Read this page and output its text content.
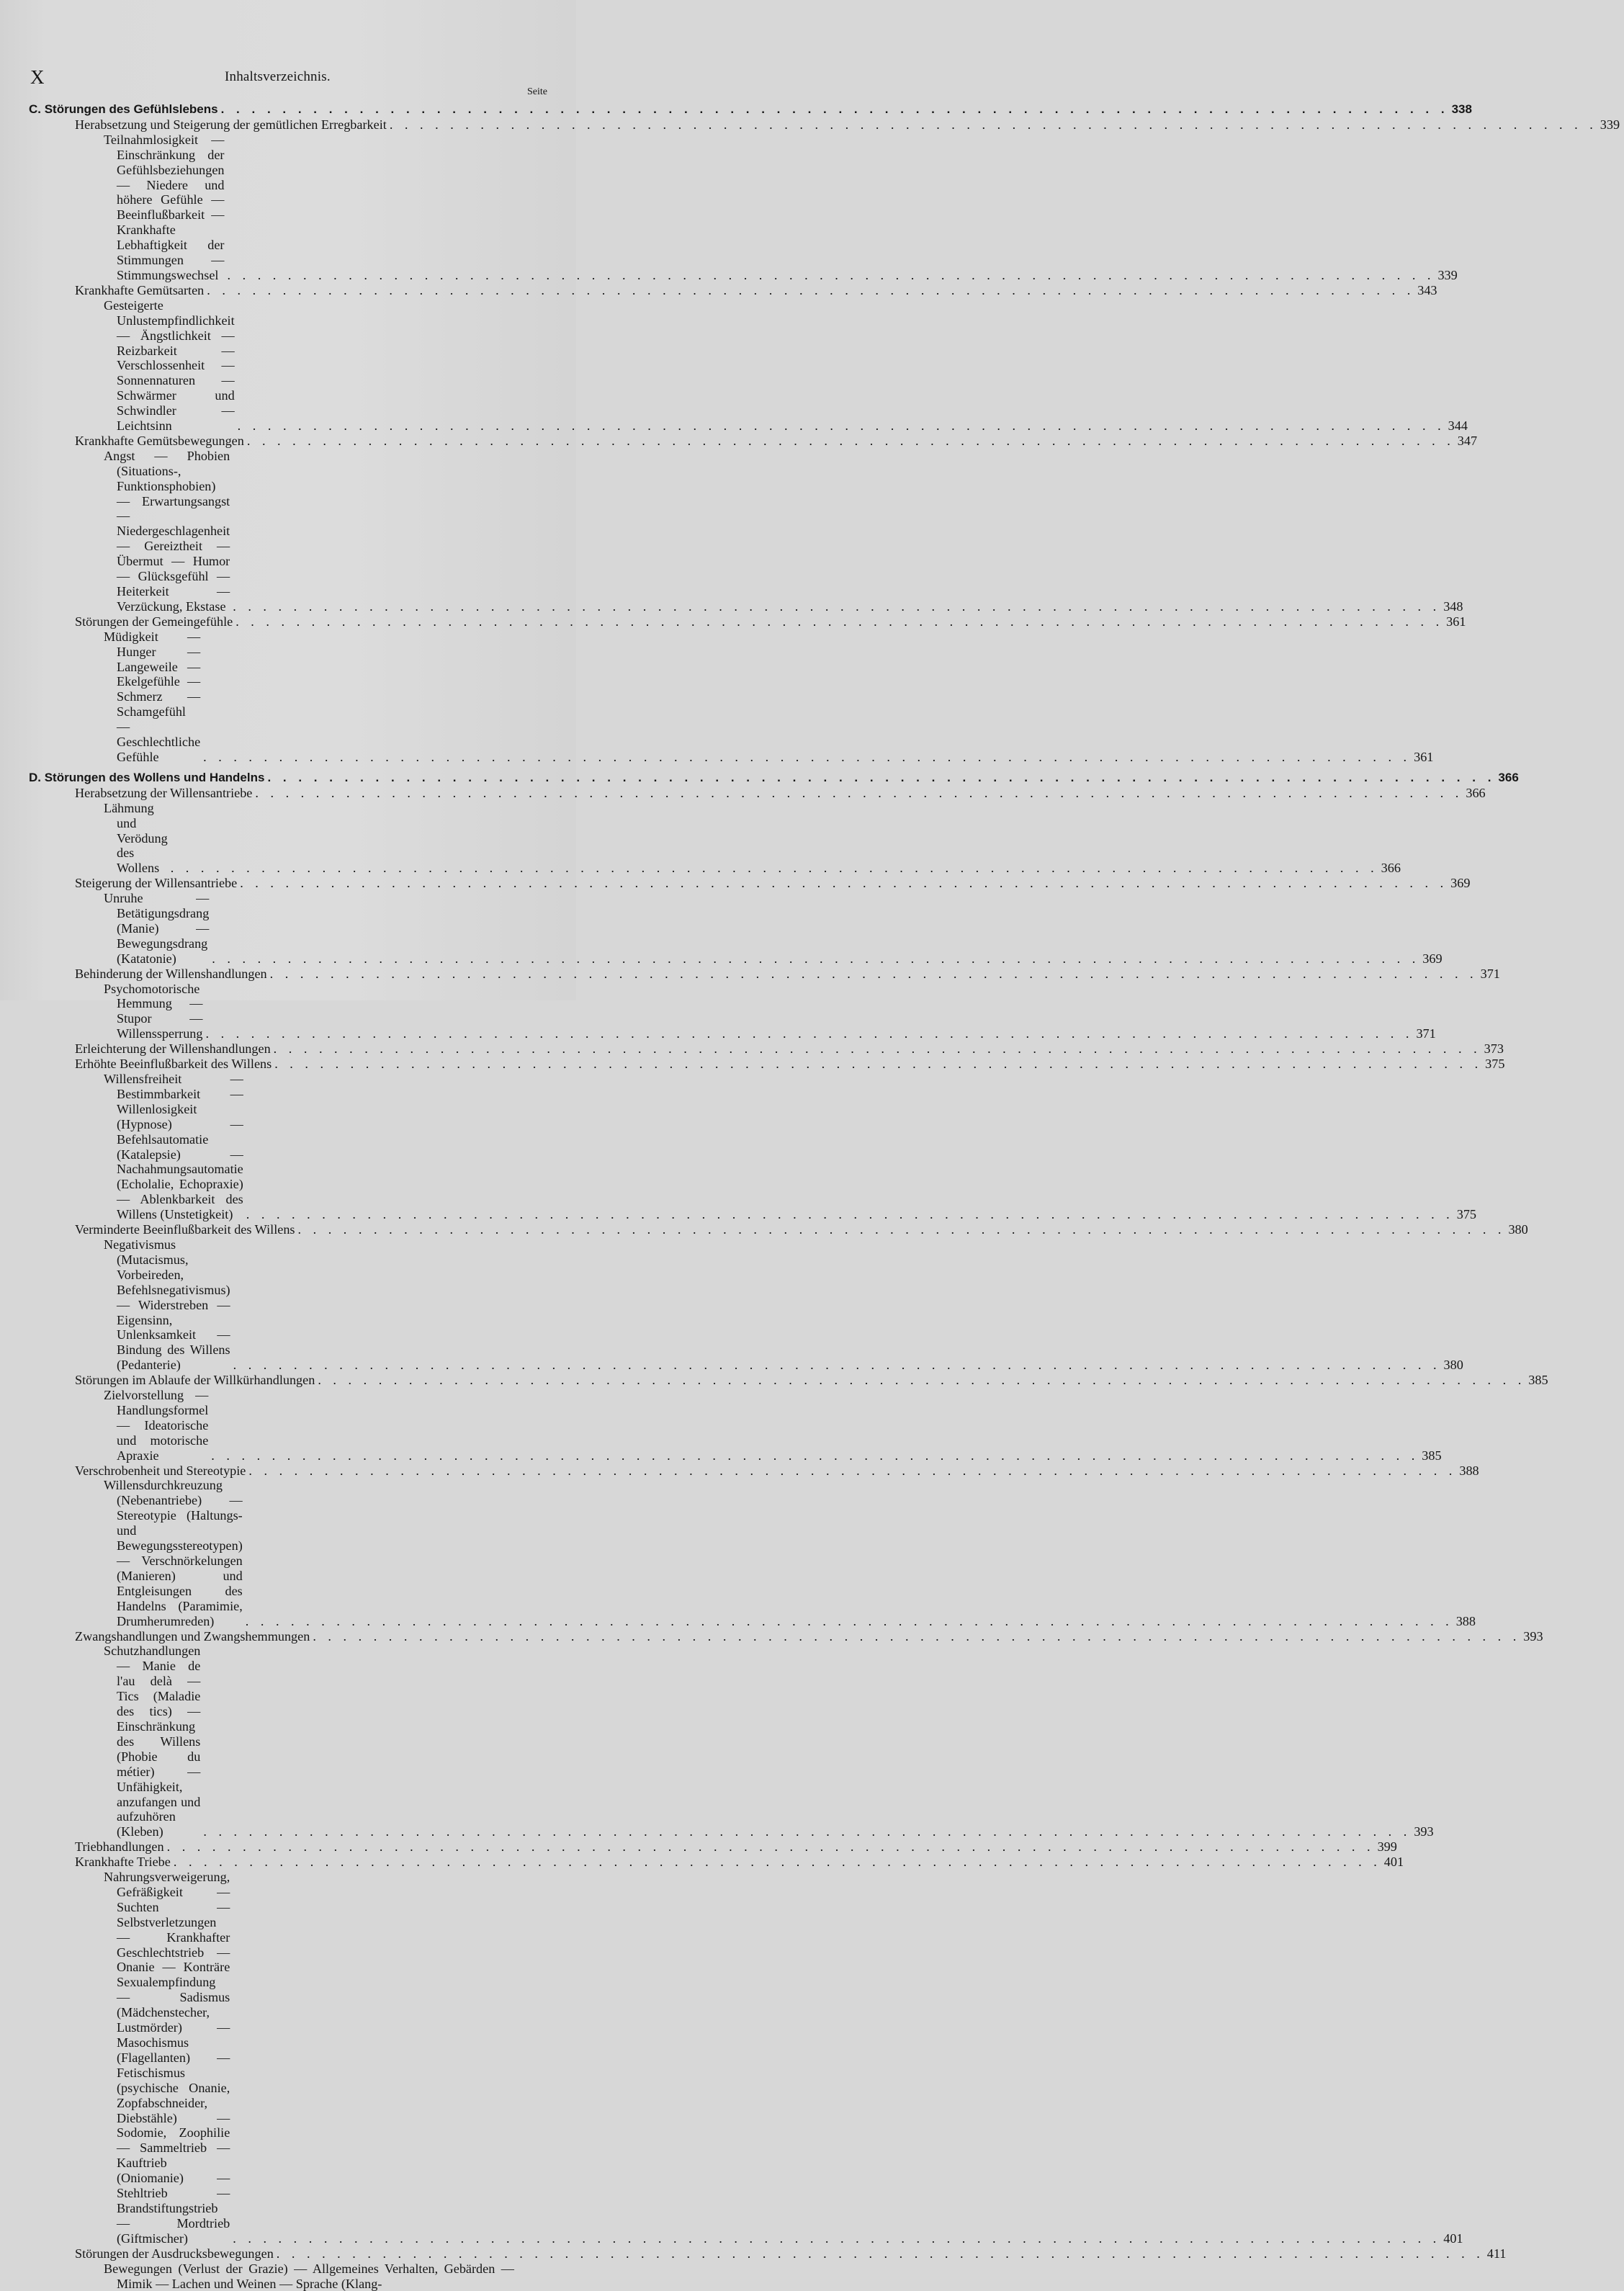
X	Inhaltsverzeichnis.
Seite
C. Störungen des Gefühlslebens . . . . . . . . . . . . . . . . . . . . . . . . . . . . . . . . . . . . . . . . . . . . . . . . . . . . . . . . . . . . . . . . . . . . . . . . . . . . . . . . 338
Herabsetzung und Steigerung der gemütlichen Erregbarkeit . . . . . . . . . . . . . . . . . . . . . . . . . . . . . . . . . . . . . . . . . . . . . . . . . . . . . . . . . . . . . . . . . . . . . . . . . . . . . . . . 339
Teilnahmlosigkeit — Einschränkung der Gefühlsbeziehungen — Niedere und höhere Gefühle — Beeinflußbarkeit — Krankhafte Lebhaftigkeit der Stimmungen — Stimmungswechsel . . . . . . . . . . . . . . . . . . . . . . . . . . . . . . . . . . . . . . . . . . . . . . . . . . . . . . . . . . . . . . . . . . . . . . . . . . . . . . . . 339
Krankhafte Gemütsarten . . . . . . . . . . . . . . . . . . . . . . . . . . . . . . . . . . . . . . . . . . . . . . . . . . . . . . . . . . . . . . . . . . . . . . . . . . . . . . . . 343
Gesteigerte Unlustempfindlichkeit — Ängstlichkeit — Reizbarkeit — Verschlossenheit — Sonnennaturen — Schwärmer und Schwindler — Leichtsinn	. . . . . . . . . . . . . . . . . . . . . . . . . . . . . . . . . . . . . . . . . . . . . . . . . . . . . . . . . . . . . . . . . . . . . . . . . . . . . . . . 344
Krankhafte Gemütsbewegungen . . . . . . . . . . . . . . . . . . . . . . . . . . . . . . . . . . . . . . . . . . . . . . . . . . . . . . . . . . . . . . . . . . . . . . . . . . . . . . . . 347
Angst — Phobien (Situations-, Funktionsphobien) — Erwartungsangst — Niedergeschlagenheit — Gereiztheit — Übermut — Humor — Glücksgefühl — Heiterkeit — Verzückung, Ekstase . . . . . . . . . . . . . . . . . . . . . . . . . . . . . . . . . . . . . . . . . . . . . . . . . . . . . . . . . . . . . . . . . . . . . . . . . . . . . . . . 348
Störungen der Gemeingefühle . . . . . . . . . . . . . . . . . . . . . . . . . . . . . . . . . . . . . . . . . . . . . . . . . . . . . . . . . . . . . . . . . . . . . . . . . . . . . . . . 361
Müdigkeit — Hunger — Langeweile — Ekelgefühle — Schmerz — Schamgefühl — Geschlechtliche Gefühle	. . . . . . . . . . . . . . . . . . . . . . . . . . . . . . . . . . . . . . . . . . . . . . . . . . . . . . . . . . . . . . . . . . . . . . . . . . . . . . . . 361
D. Störungen des Wollens und Handelns . . . . . . . . . . . . . . . . . . . . . . . . . . . . . . . . . . . . . . . . . . . . . . . . . . . . . . . . . . . . . . . . . . . . . . . . . . . . . . . . 366
Herabsetzung der Willensantriebe . . . . . . . . . . . . . . . . . . . . . . . . . . . . . . . . . . . . . . . . . . . . . . . . . . . . . . . . . . . . . . . . . . . . . . . . . . . . . . . . 366
Lähmung und Verödung des Wollens . . . . . . . . . . . . . . . . . . . . . . . . . . . . . . . . . . . . . . . . . . . . . . . . . . . . . . . . . . . . . . . . . . . . . . . . . . . . . . . . 366
Steigerung der Willensantriebe . . . . . . . . . . . . . . . . . . . . . . . . . . . . . . . . . . . . . . . . . . . . . . . . . . . . . . . . . . . . . . . . . . . . . . . . . . . . . . . . 369
Unruhe — Betätigungsdrang (Manie) — Bewegungsdrang (Katatonie)	. . . . . . . . . . . . . . . . . . . . . . . . . . . . . . . . . . . . . . . . . . . . . . . . . . . . . . . . . . . . . . . . . . . . . . . . . . . . . . . . 369
Behinderung der Willenshandlungen . . . . . . . . . . . . . . . . . . . . . . . . . . . . . . . . . . . . . . . . . . . . . . . . . . . . . . . . . . . . . . . . . . . . . . . . . . . . . . . . 371
Psychomotorische Hemmung — Stupor — Willenssperrung . . . . . . . . . . . . . . . . . . . . . . . . . . . . . . . . . . . . . . . . . . . . . . . . . . . . . . . . . . . . . . . . . . . . . . . . . . . . . . . . 371
Erleichterung der Willenshandlungen . . . . . . . . . . . . . . . . . . . . . . . . . . . . . . . . . . . . . . . . . . . . . . . . . . . . . . . . . . . . . . . . . . . . . . . . . . . . . . . . 373
Erhöhte Beeinflußbarkeit des Willens . . . . . . . . . . . . . . . . . . . . . . . . . . . . . . . . . . . . . . . . . . . . . . . . . . . . . . . . . . . . . . . . . . . . . . . . . . . . . . . . 375
Willensfreiheit — Bestimmbarkeit — Willenlosigkeit (Hypnose) — Befehlsautomatie (Katalepsie) — Nachahmungsautomatie (Echolalie, Echopraxie) — Ablenkbarkeit des Willens (Unstetigkeit)	. . . . . . . . . . . . . . . . . . . . . . . . . . . . . . . . . . . . . . . . . . . . . . . . . . . . . . . . . . . . . . . . . . . . . . . . . . . . . . . . 375
Verminderte Beeinflußbarkeit des Willens . . . . . . . . . . . . . . . . . . . . . . . . . . . . . . . . . . . . . . . . . . . . . . . . . . . . . . . . . . . . . . . . . . . . . . . . . . . . . . . . 380
Negativismus (Mutacismus, Vorbeireden, Befehlsnegativismus) — Widerstreben — Eigensinn, Unlenksamkeit — Bindung des Willens (Pedanterie)	. . . . . . . . . . . . . . . . . . . . . . . . . . . . . . . . . . . . . . . . . . . . . . . . . . . . . . . . . . . . . . . . . . . . . . . . . . . . . . . . 380
Störungen im Ablaufe der Willkürhandlungen . . . . . . . . . . . . . . . . . . . . . . . . . . . . . . . . . . . . . . . . . . . . . . . . . . . . . . . . . . . . . . . . . . . . . . . . . . . . . . . . 385
Zielvorstellung — Handlungsformel — Ideatorische und motorische Apraxie	. . . . . . . . . . . . . . . . . . . . . . . . . . . . . . . . . . . . . . . . . . . . . . . . . . . . . . . . . . . . . . . . . . . . . . . . . . . . . . . . 385
Verschrobenheit und Stereotypie . . . . . . . . . . . . . . . . . . . . . . . . . . . . . . . . . . . . . . . . . . . . . . . . . . . . . . . . . . . . . . . . . . . . . . . . . . . . . . . . 388
Willensdurchkreuzung (Nebenantriebe) — Stereotypie (Haltungs- und Bewegungsstereotypen) — Verschnörkelungen (Manieren) und Entgleisungen des Handelns (Paramimie, Drumherumreden)	. . . . . . . . . . . . . . . . . . . . . . . . . . . . . . . . . . . . . . . . . . . . . . . . . . . . . . . . . . . . . . . . . . . . . . . . . . . . . . . . 388
Zwangshandlungen und Zwangshemmungen . . . . . . . . . . . . . . . . . . . . . . . . . . . . . . . . . . . . . . . . . . . . . . . . . . . . . . . . . . . . . . . . . . . . . . . . . . . . . . . . 393
Schutzhandlungen — Manie de l'au delà — Tics (Maladie des tics) — Einschränkung des Willens (Phobie du métier) — Unfähigkeit, anzufangen und aufzuhören (Kleben)	. . . . . . . . . . . . . . . . . . . . . . . . . . . . . . . . . . . . . . . . . . . . . . . . . . . . . . . . . . . . . . . . . . . . . . . . . . . . . . . . 393
Triebhandlungen . . . . . . . . . . . . . . . . . . . . . . . . . . . . . . . . . . . . . . . . . . . . . . . . . . . . . . . . . . . . . . . . . . . . . . . . . . . . . . . . 399
Krankhafte Triebe . . . . . . . . . . . . . . . . . . . . . . . . . . . . . . . . . . . . . . . . . . . . . . . . . . . . . . . . . . . . . . . . . . . . . . . . . . . . . . . . 401
Nahrungsverweigerung, Gefräßigkeit — Suchten — Selbstverletzungen — Krankhafter Geschlechtstrieb — Onanie — Konträre Sexualempfindung — Sadismus (Mädchenstecher, Lustmörder) — Masochismus (Flagellanten) — Fetischismus (psychische Onanie, Zopfabschneider, Diebstähle) — Sodomie, Zoophilie — Sammeltrieb — Kauftrieb (Oniomanie) — Stehltrieb — Brandstiftungstrieb — Mordtrieb (Giftmischer)	. . . . . . . . . . . . . . . . . . . . . . . . . . . . . . . . . . . . . . . . . . . . . . . . . . . . . . . . . . . . . . . . . . . . . . . . . . . . . . . . 401
Störungen der Ausdrucksbewegungen . . . . . . . . . . . . . . . . . . . . . . . . . . . . . . . . . . . . . . . . . . . . . . . . . . . . . . . . . . . . . . . . . . . . . . . . . . . . . . . . 411
Bewegungen (Verlust der Grazie) — Allgemeines Verhalten, Gebärden — Mimik — Lachen und Weinen — Sprache (Klang-
